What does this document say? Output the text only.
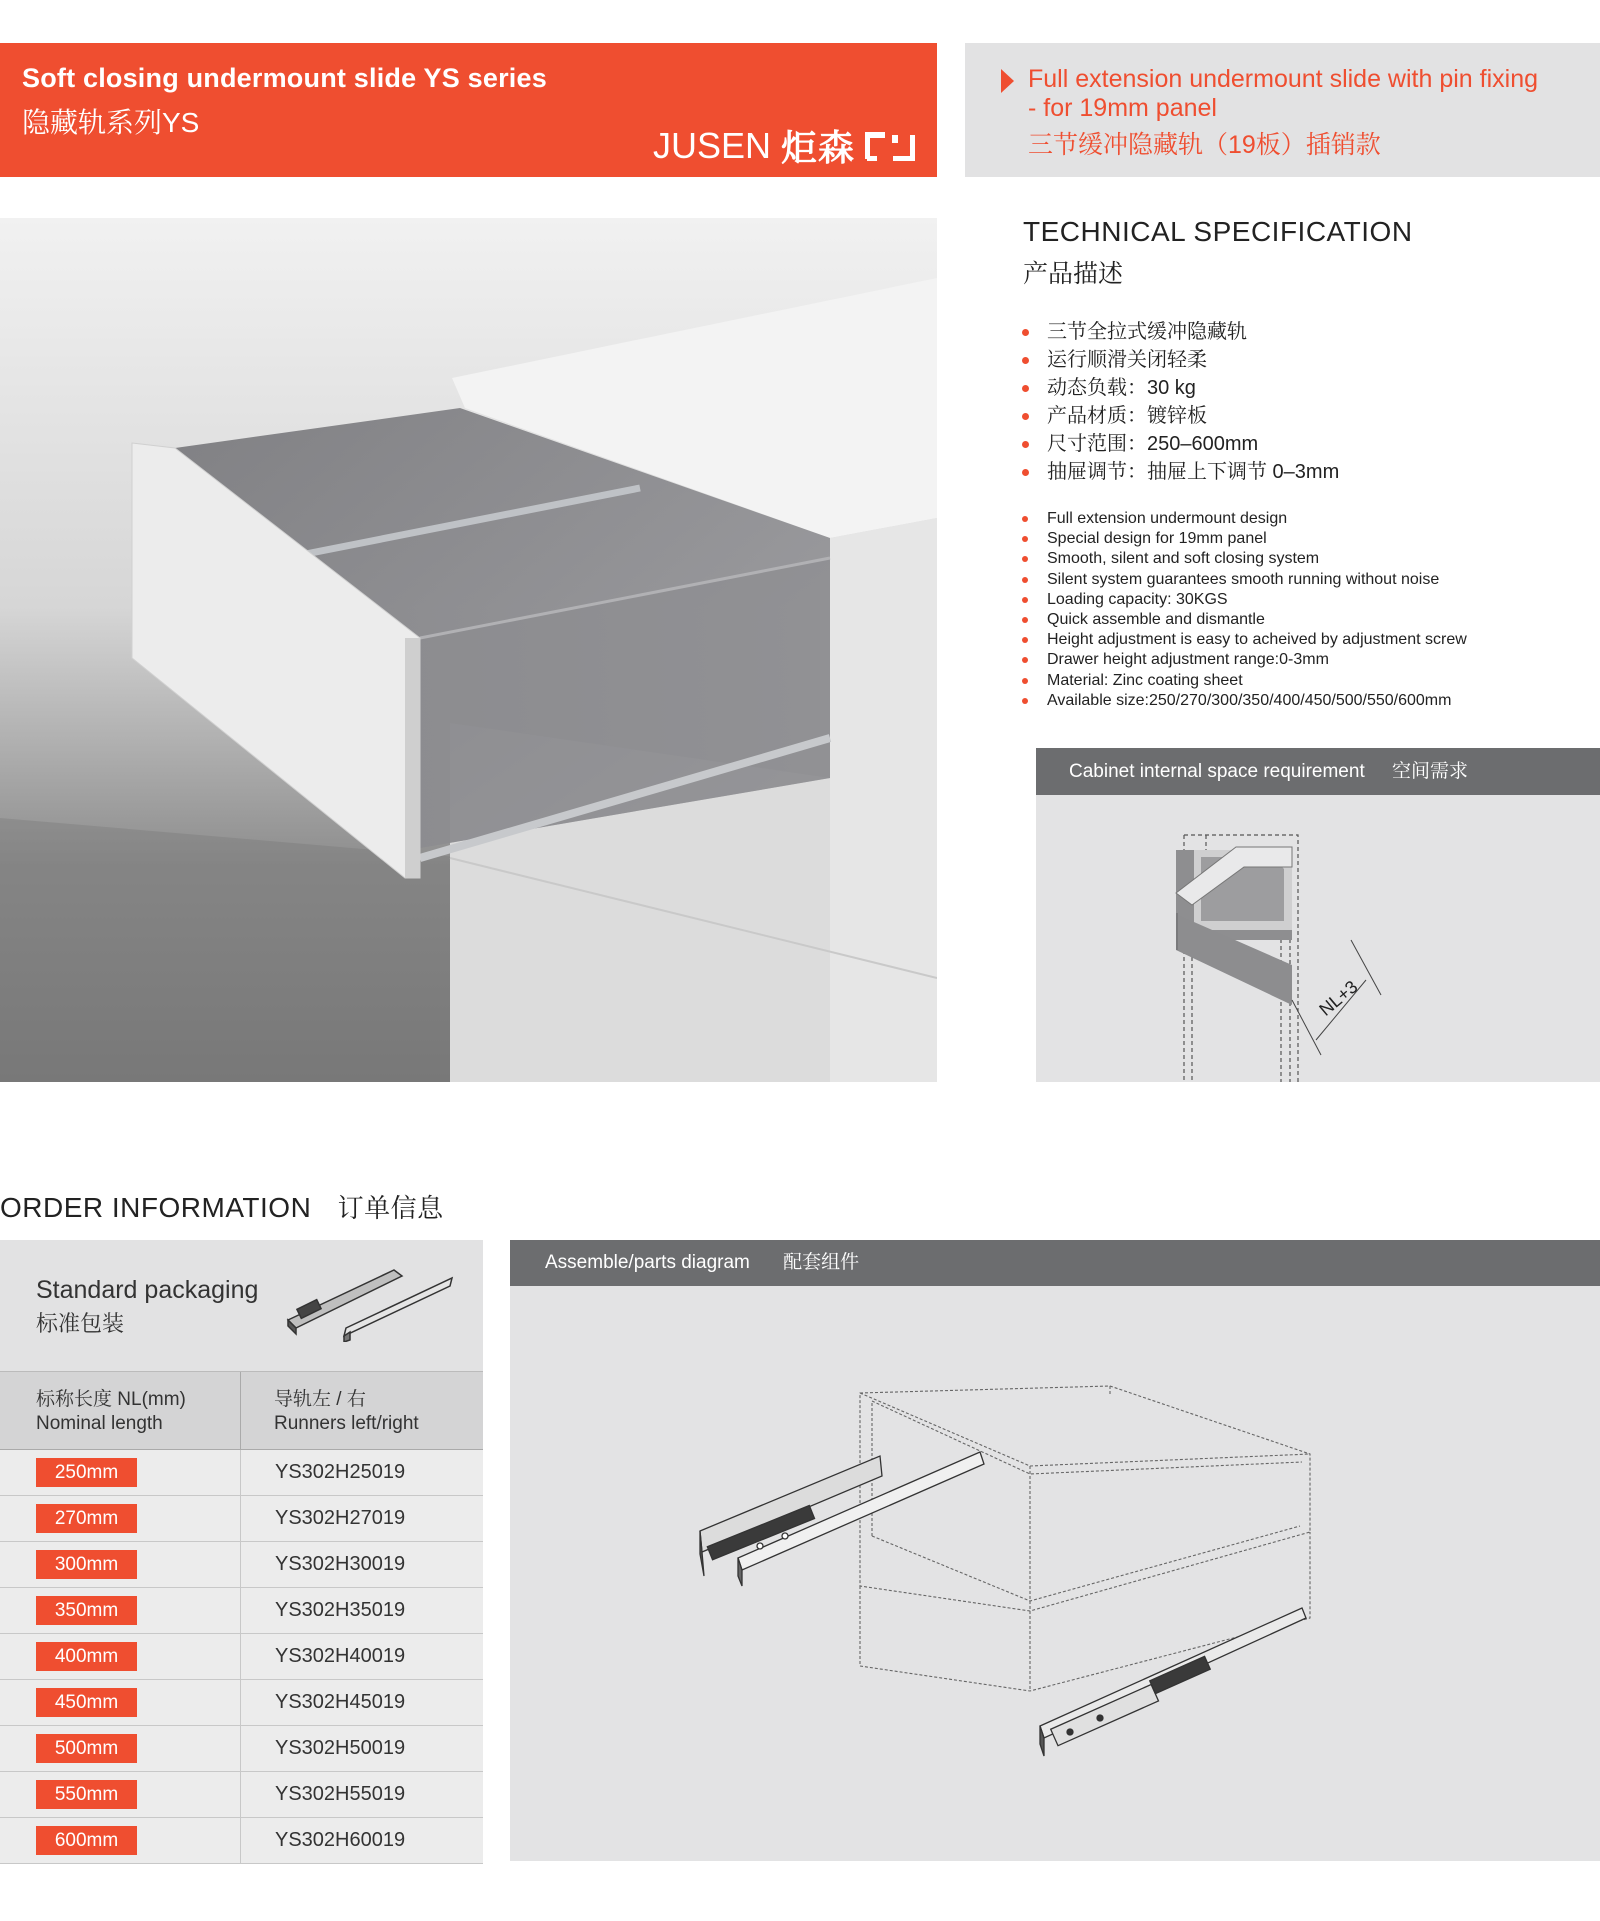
Soft closing undermount slide YS series
隐藏轨系列YS
JUSEN 炬森
Full extension undermount slide with pin fixing
- for 19mm panel
三节缓冲隐藏轨（19板）插销款
TECHNICAL SPECIFICATION
产品描述
三节全拉式缓冲隐藏轨
运行顺滑关闭轻柔
动态负载：30 kg
产品材质：镀锌板
尺寸范围：250–600mm
抽屉调节：抽屉上下调节 0–3mm
Full extension undermount design
Special design for 19mm panel
Smooth, silent and soft closing system
Silent system guarantees smooth running without noise
Loading capacity: 30KGS
Quick assemble and dismantle
Height adjustment is easy to acheived by adjustment screw
Drawer height adjustment range:0-3mm
Material: Zinc coating sheet
Available size:250/270/300/350/400/450/500/550/600mm
Cabinet internal space requirement 空间需求
NL+3
ORDER INFORMATION 订单信息
Standard packaging
标准包装
标称长度 NL(mm)
Nominal length
导轨左 / 右
Runners left/right
250mm	YS302H25019
270mm	YS302H27019
300mm	YS302H30019
350mm	YS302H35019
400mm	YS302H40019
450mm	YS302H45019
500mm	YS302H50019
550mm	YS302H55019
600mm	YS302H60019
Assemble/parts diagram 配套组件
